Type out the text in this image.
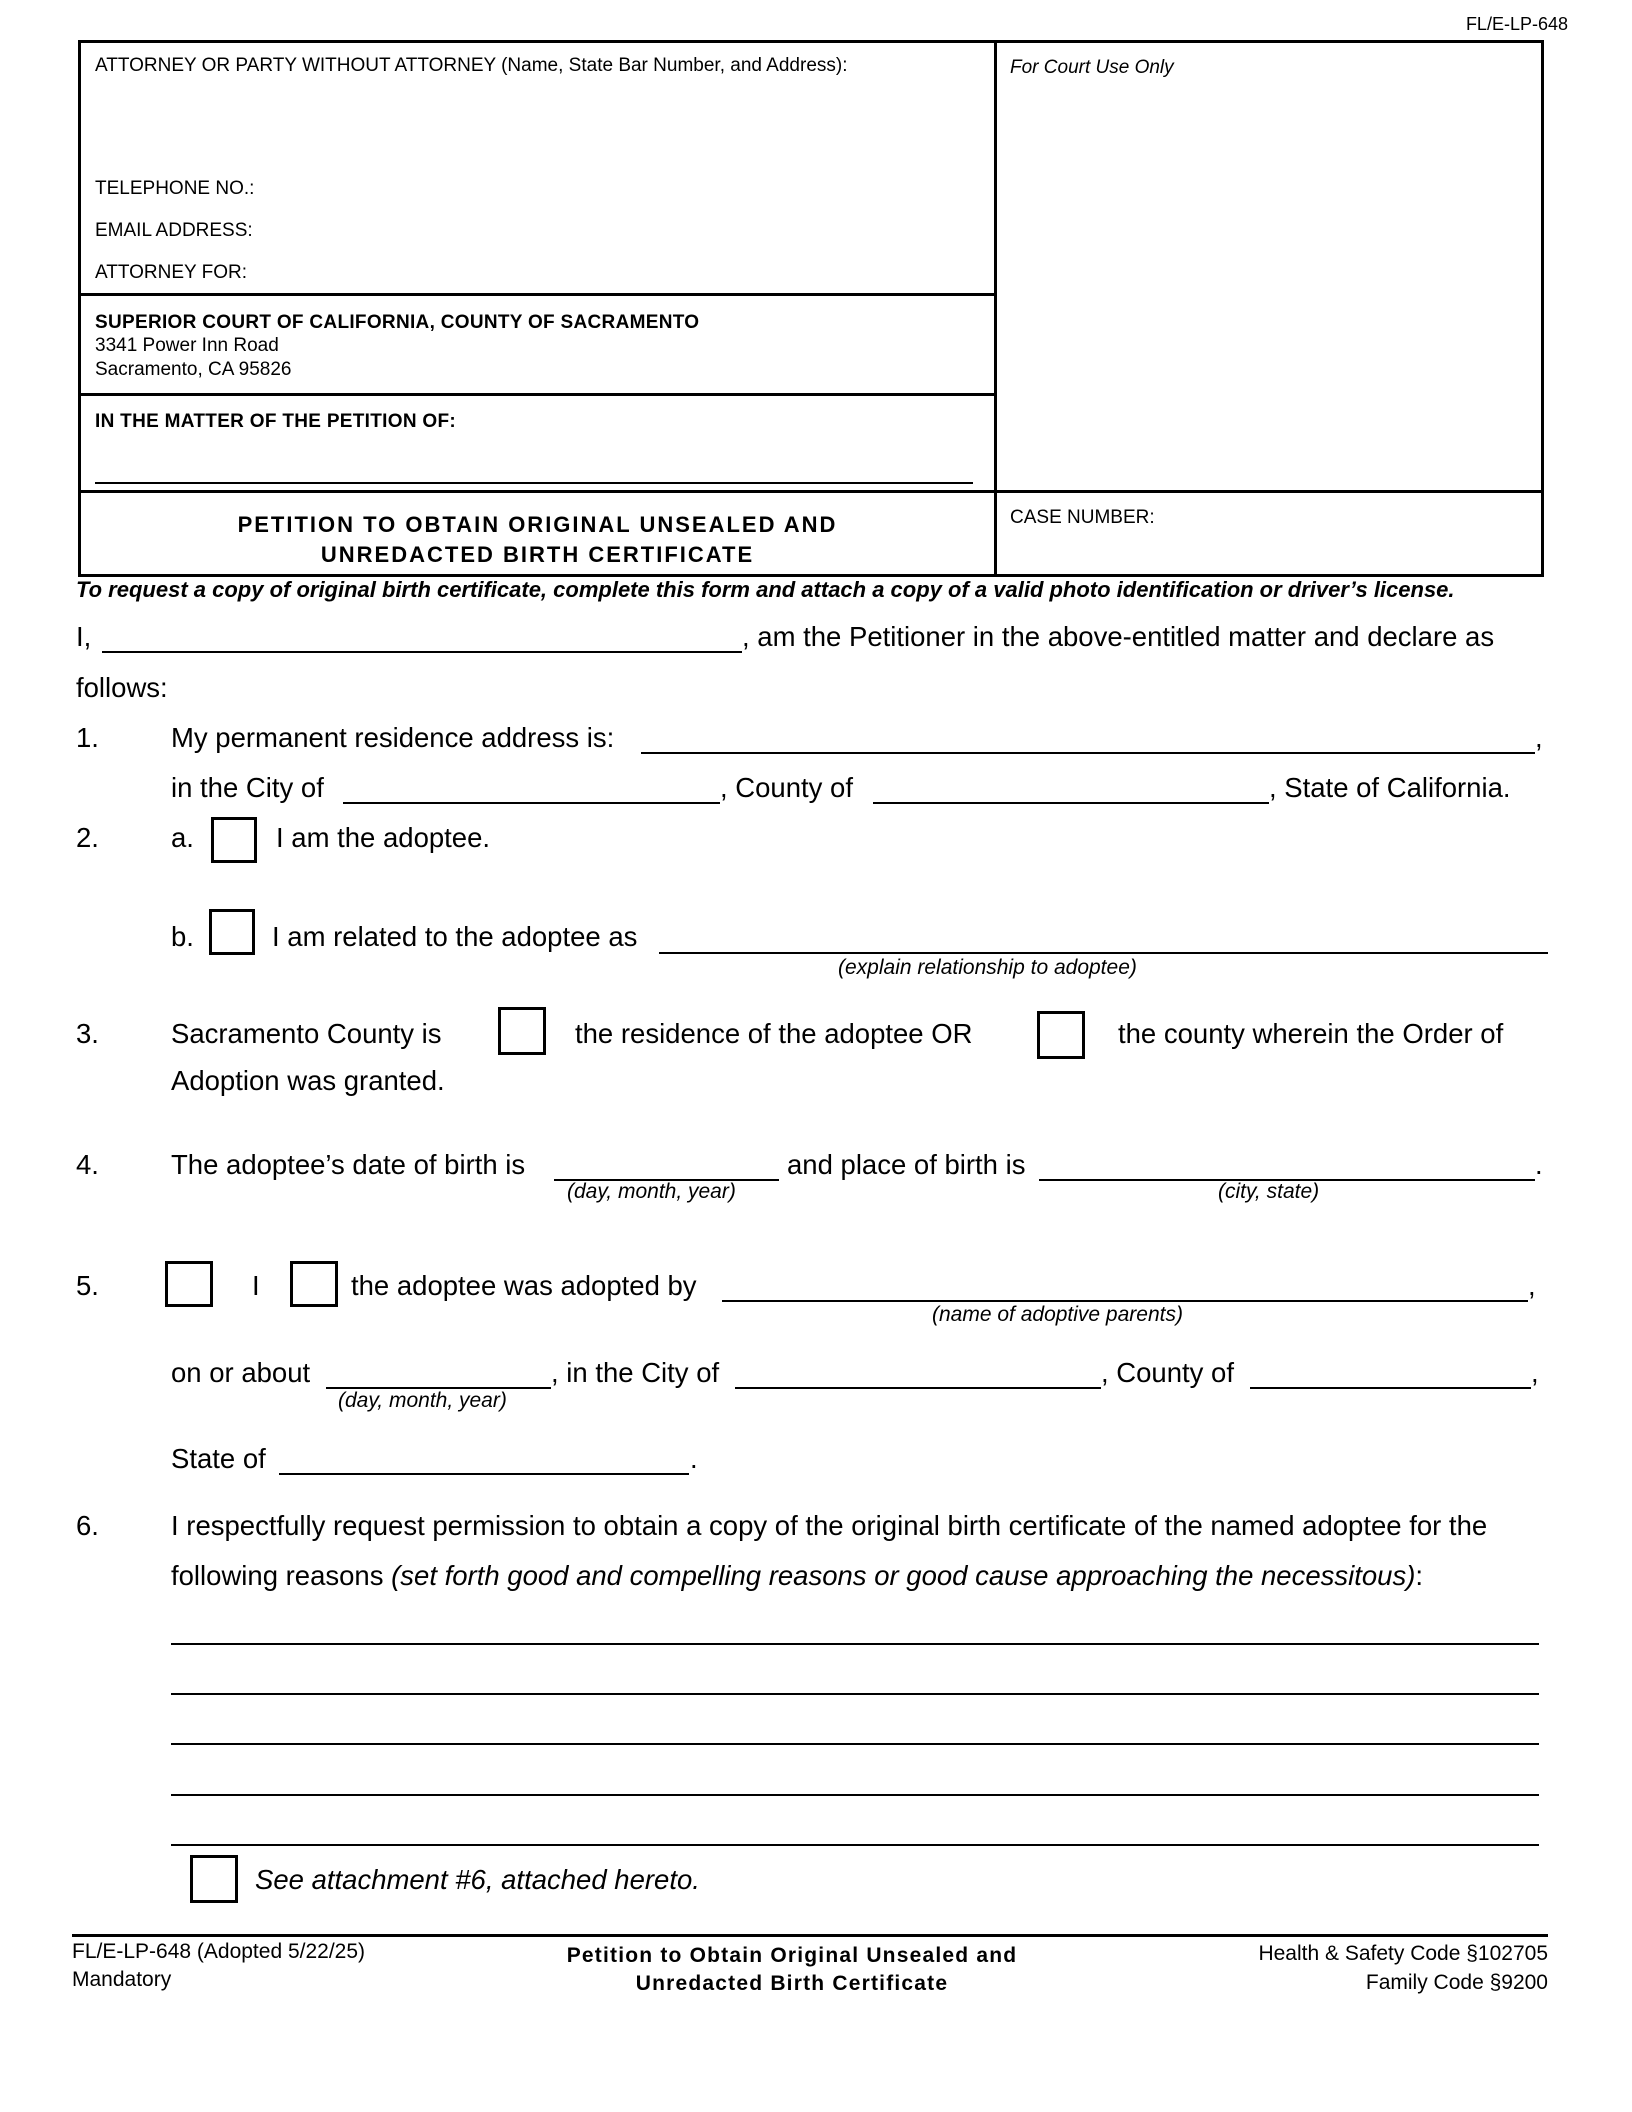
FL/E-LP-648
ATTORNEY OR PARTY WITHOUT ATTORNEY (Name, State Bar Number, and Address):	For Court Use Only
TELEPHONE NO.:
EMAIL ADDRESS:
ATTORNEY FOR:
SUPERIOR COURT OF CALIFORNIA, COUNTY OF SACRAMENTO
3341 Power Inn Road
Sacramento, CA 95826
IN THE MATTER OF THE PETITION OF:
PETITION TO OBTAIN ORIGINAL UNSEALED AND
UNREDACTED BIRTH CERTIFICATE
CASE NUMBER:
To request a copy of original birth certificate, complete this form and attach a copy of a valid photo identification or driver’s license.
I,	, am the Petitioner in the above-entitled matter and declare as
follows:
1.	My permanent residence address is:	,
in the City of	, County of	, State of California.
2.	a.	I am the adoptee.
b.	I am related to the adoptee as
(explain relationship to adoptee)
3.	Sacramento County is	the residence of the adoptee OR	the county wherein the Order of
Adoption was granted.
4.	The adoptee’s date of birth is	and place of birth is	.
(day, month, year)	(city, state)
5.	I	the adoptee was adopted by	,
(name of adoptive parents)
on or about	, in the City of	, County of	,
(day, month, year)
State of	.
6.	I respectfully request permission to obtain a copy of the original birth certificate of the named adoptee for the
following reasons (set forth good and compelling reasons or good cause approaching the necessitous):
See attachment #6, attached hereto.
FL/E-LP-648 (Adopted 5/22/25)
Mandatory
Petition to Obtain Original Unsealed and
Unredacted Birth Certificate
Health & Safety Code §102705
Family Code §9200
